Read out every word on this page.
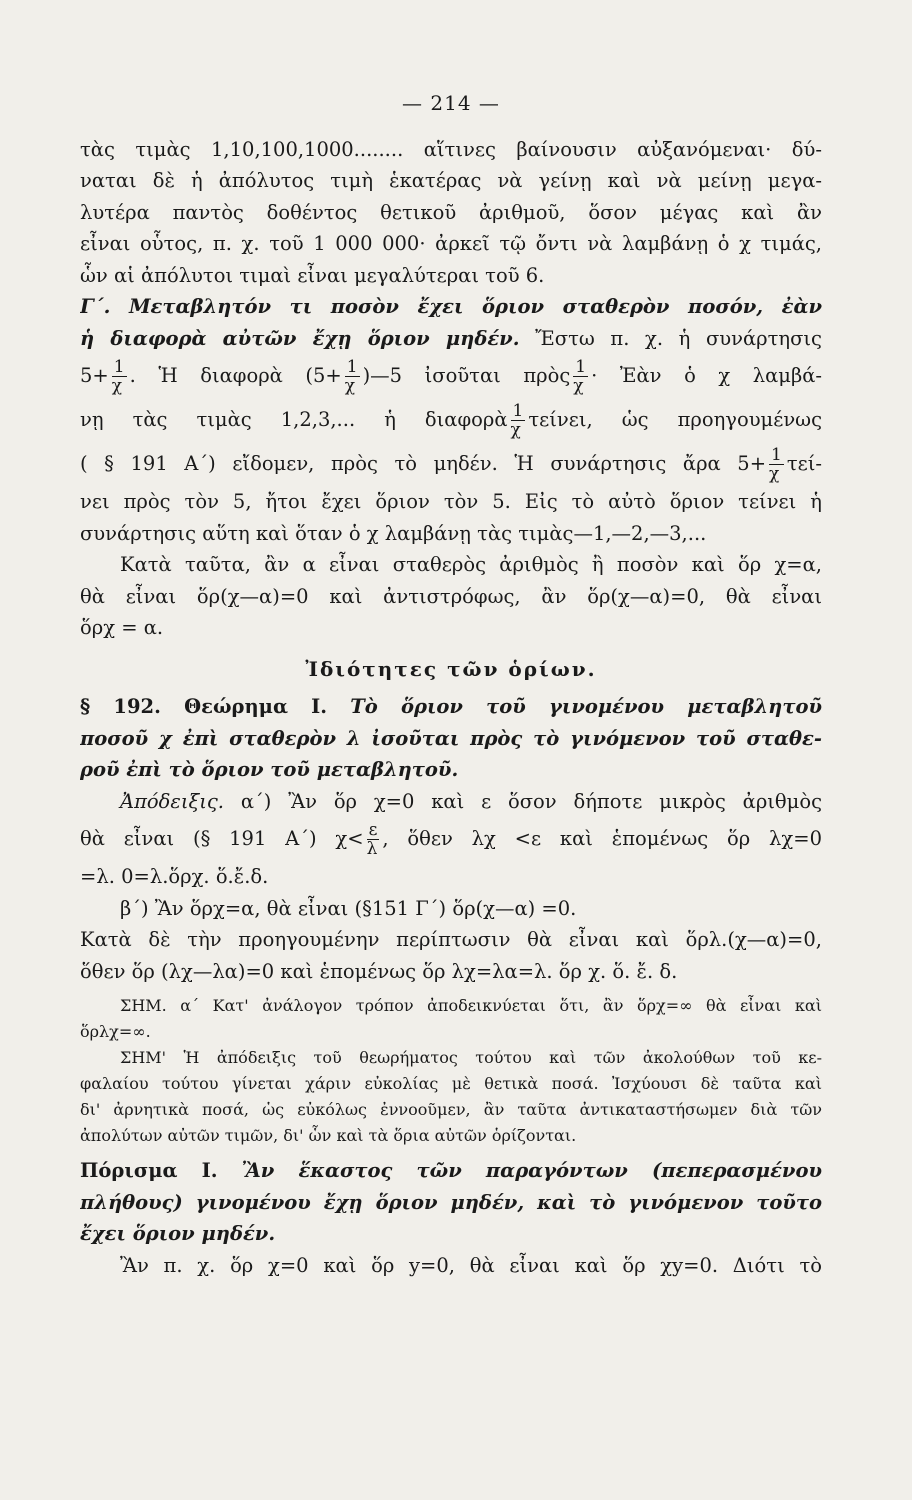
— 214 —
τὰς τιμὰς 1,10,100,1000........ αἵτινες βαίνουσιν αὐξανόμεναι· δύ-
ναται δὲ ἡ ἀπόλυτος τιμὴ ἑκατέρας νὰ γείνῃ καὶ νὰ μείνῃ μεγα-
λυτέρα παντὸς δοθέντος θετικοῦ ἀριθμοῦ, ὅσον μέγας καὶ ἂν
εἶναι οὗτος, π. χ. τοῦ 1 000 000· ἀρκεῖ τῷ ὄντι νὰ λαμβάνῃ ὁ χ τιμάς,
ὧν αἱ ἀπόλυτοι τιμαὶ εἶναι μεγαλύτεραι τοῦ 6.
Γ΄. Μεταβλητόν τι ποσὸν ἔχει ὅριον σταθερὸν ποσόν, ἐὰν
ἡ διαφορὰ αὐτῶν ἔχῃ ὅριον μηδέν. Ἔστω π. χ. ἡ συνάρτησις
$5+ \frac{1}{\chi}$ . Ἡ διαφορὰ ($5+ \frac{1}{\chi}$ )—5 ἰσοῦται πρὸς $\frac{1}{\chi}$ · Ἐὰν ὁ χ λαμβά-
νῃ τὰς τιμὰς 1,2,3,... ἡ διαφορὰ $\frac{1}{\chi} \tau\varepsilon ί\nu\varepsilon\iota$, ὡς προηγουμένως
( § 191 Α΄) εἴδομεν, πρὸς τὸ μηδέν. Ἡ συνάρτησις ἄρα $5+ \frac{1}{\chi} \tau\varepsilon ί-$
νει πρὸς τὸν 5, ἤτοι ἔχει ὅριον τὸν 5. Εἰς τὸ αὐτὸ ὅριον τείνει ἡ
συνάρτησις αὕτη καὶ ὅταν ὁ χ λαμβάνῃ τὰς τιμὰς—1,—2,—3,...
Κατὰ ταῦτα, ἂν α εἶναι σταθερὸς ἀριθμὸς ἢ ποσὸν καὶ ὅρ χ=α,
θὰ εἶναι ὅρ(χ—α)=0 καὶ ἀντιστρόφως, ἂν ὅρ(χ—α)=0, θὰ εἶναι
ὅρχ = α.
Ἰδιότητες τῶν ὁρίων.
§ 192. Θεώρημα Ι. Τὸ ὅριον τοῦ γινομένου μεταβλητοῦ
ποσοῦ χ ἐπὶ σταθερὸν λ ἰσοῦται πρὸς τὸ γινόμενον τοῦ σταθε-
ροῦ ἐπὶ τὸ ὅριον τοῦ μεταβλητοῦ.
Ἀπόδειξις. α΄) Ἂν ὅρ χ=0 καὶ ε ὅσον δήποτε μικρὸς ἀριθμὸς
θὰ εἶναι (§ 191 Α΄) $\chi< \frac{\varepsilon}{\lambda}$ , ὅθεν λχ <ε καὶ ἑπομένως ὅρ λχ=0
=λ. 0=λ.ὅρχ. ὅ.ἔ.δ.
β΄) Ἂν ὅρχ=α, θὰ εἶναι (§151 Γ΄) ὅρ(χ—α) =0.
Κατὰ δὲ τὴν προηγουμένην περίπτωσιν θὰ εἶναι καὶ ὅρλ.(χ—α)=0,
ὅθεν ὅρ (λχ—λα)=0 καὶ ἑπομένως ὅρ λχ=λα=λ. ὅρ χ. ὅ. ἔ. δ.
ΣΗΜ. α΄ Κατ' ἀνάλογον τρόπον ἀποδεικνύεται ὅτι, ἂν ὅρχ=∞ θὰ εἶναι καὶ
ὅρλχ=∞.
ΣΗΜ' Ἡ ἀπόδειξις τοῦ θεωρήματος τούτου καὶ τῶν ἀκολούθων τοῦ κε-
φαλαίου τούτου γίνεται χάριν εὐκολίας μὲ θετικὰ ποσά. Ἰσχύουσι δὲ ταῦτα καὶ
δι' ἀρνητικὰ ποσά, ὡς εὐκόλως ἐννοοῦμεν, ἂν ταῦτα ἀντικαταστήσωμεν διὰ τῶν
ἀπολύτων αὐτῶν τιμῶν, δι' ὧν καὶ τὰ ὅρια αὐτῶν ὁρίζονται.
Πόρισμα Ι. Ἂν ἕκαστος τῶν παραγόντων (πεπερασμένου
πλήθους) γινομένου ἔχῃ ὅριον μηδέν, καὶ τὸ γινόμενον τοῦτο
ἔχει ὅριον μηδέν.
Ἂν π. χ. ὅρ χ=0 καὶ ὅρ y=0, θὰ εἶναι καὶ ὅρ χy=0. Διότι τὸ
